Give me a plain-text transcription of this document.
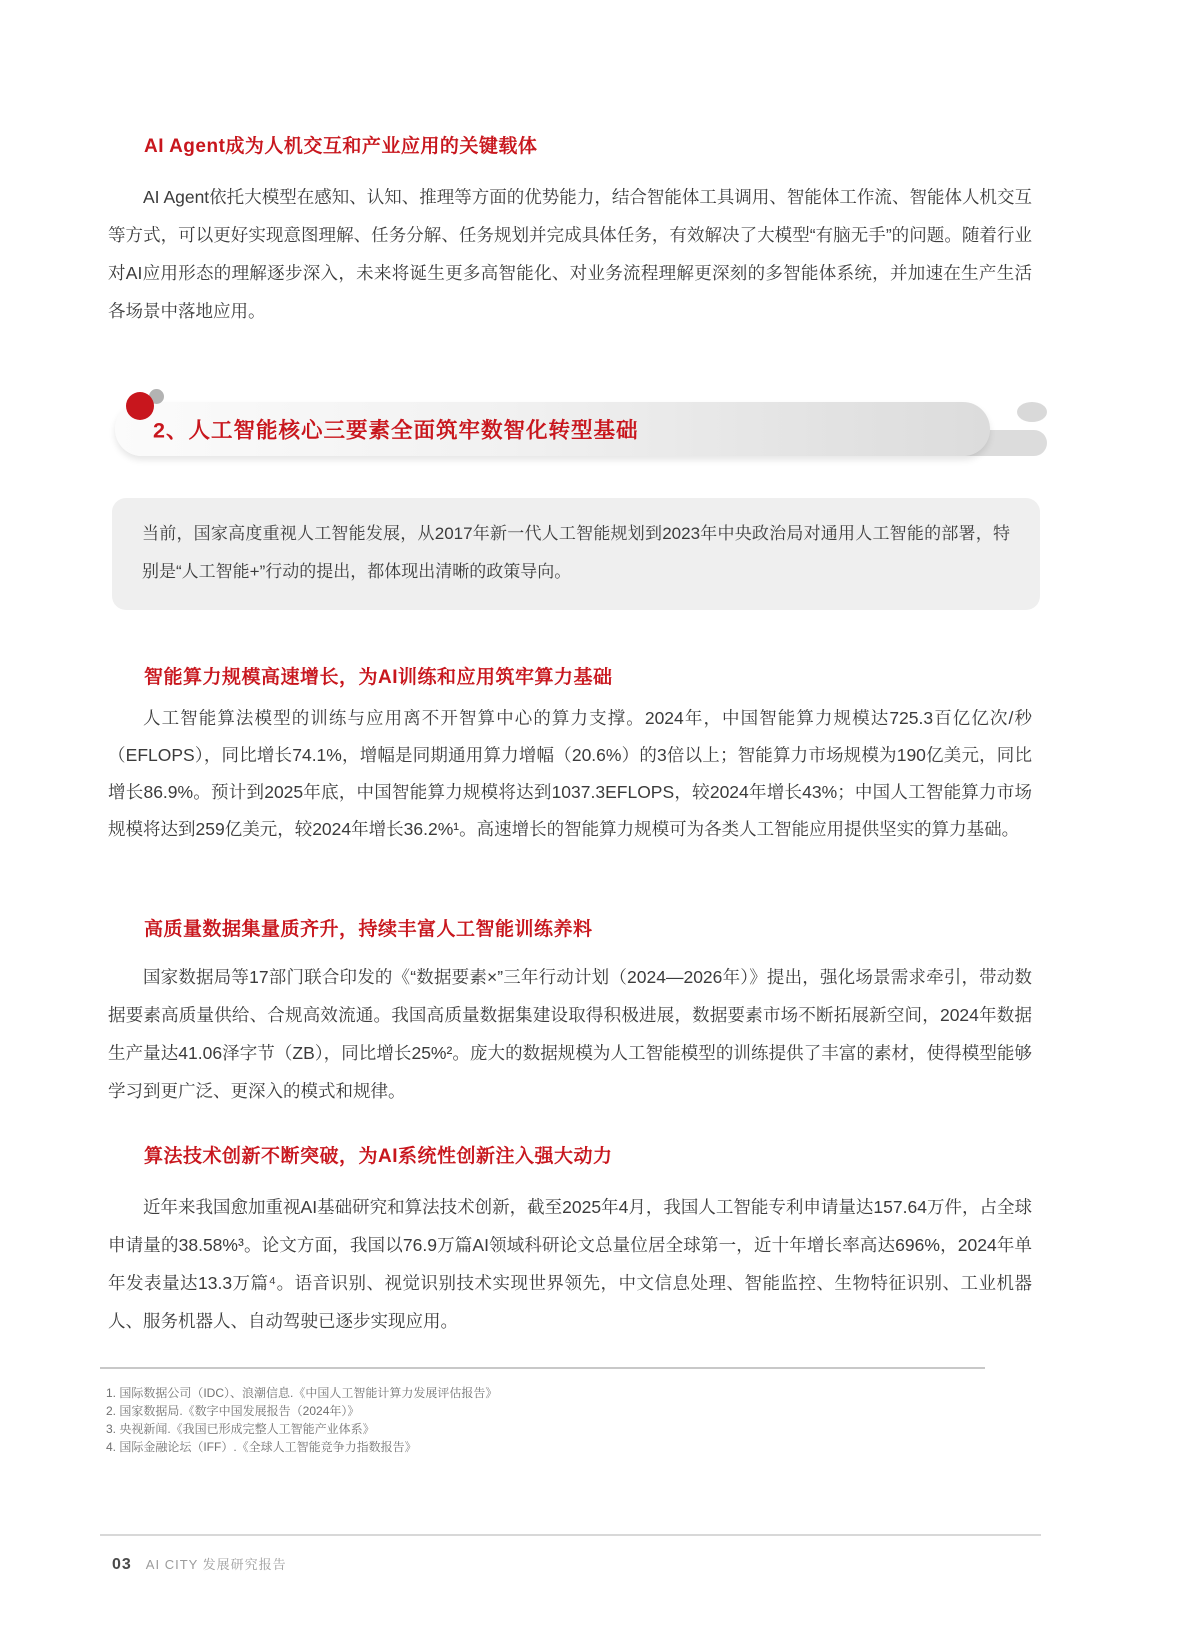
AI Agent成为人机交互和产业应用的关键载体

AI Agent依托大模型在感知、认知、推理等方面的优势能力，结合智能体工具调用、智能体工作流、智能体人机交互等方式，可以更好实现意图理解、任务分解、任务规划并完成具体任务，有效解决了大模型“有脑无手”的问题。随着行业对AI应用形态的理解逐步深入，未来将诞生更多高智能化、对业务流程理解更深刻的多智能体系统，并加速在生产生活各场景中落地应用。

2、人工智能核心三要素全面筑牢数智化转型基础

当前，国家高度重视人工智能发展，从2017年新一代人工智能规划到2023年中央政治局对通用人工智能的部署，特别是“人工智能+”行动的提出，都体现出清晰的政策导向。

智能算力规模高速增长，为AI训练和应用筑牢算力基础

人工智能算法模型的训练与应用离不开智算中心的算力支撑。2024年，中国智能算力规模达725.3百亿亿次/秒（EFLOPS），同比增长74.1%，增幅是同期通用算力增幅（20.6%）的3倍以上；智能算力市场规模为190亿美元，同比增长86.9%。预计到2025年底，中国智能算力规模将达到1037.3EFLOPS，较2024年增长43%；中国人工智能算力市场规模将达到259亿美元，较2024年增长36.2%¹。高速增长的智能算力规模可为各类人工智能应用提供坚实的算力基础。

高质量数据集量质齐升，持续丰富人工智能训练养料

国家数据局等17部门联合印发的《“数据要素×”三年行动计划（2024—2026年）》提出，强化场景需求牵引，带动数据要素高质量供给、合规高效流通。我国高质量数据集建设取得积极进展，数据要素市场不断拓展新空间，2024年数据生产量达41.06泽字节（ZB），同比增长25%²。庞大的数据规模为人工智能模型的训练提供了丰富的素材，使得模型能够学习到更广泛、更深入的模式和规律。

算法技术创新不断突破，为AI系统性创新注入强大动力

近年来我国愈加重视AI基础研究和算法技术创新，截至2025年4月，我国人工智能专利申请量达157.64万件，占全球申请量的38.58%³。论文方面，我国以76.9万篇AI领域科研论文总量位居全球第一，近十年增长率高达696%，2024年单年发表量达13.3万篇⁴。语音识别、视觉识别技术实现世界领先，中文信息处理、智能监控、生物特征识别、工业机器人、服务机器人、自动驾驶已逐步实现应用。

1. 国际数据公司（IDC）、浪潮信息.《中国人工智能计算力发展评估报告》

2. 国家数据局.《数字中国发展报告（2024年）》

3. 央视新闻.《我国已形成完整人工智能产业体系》

4. 国际金融论坛（IFF）.《全球人工智能竞争力指数报告》

03 AI CITY 发展研究报告
